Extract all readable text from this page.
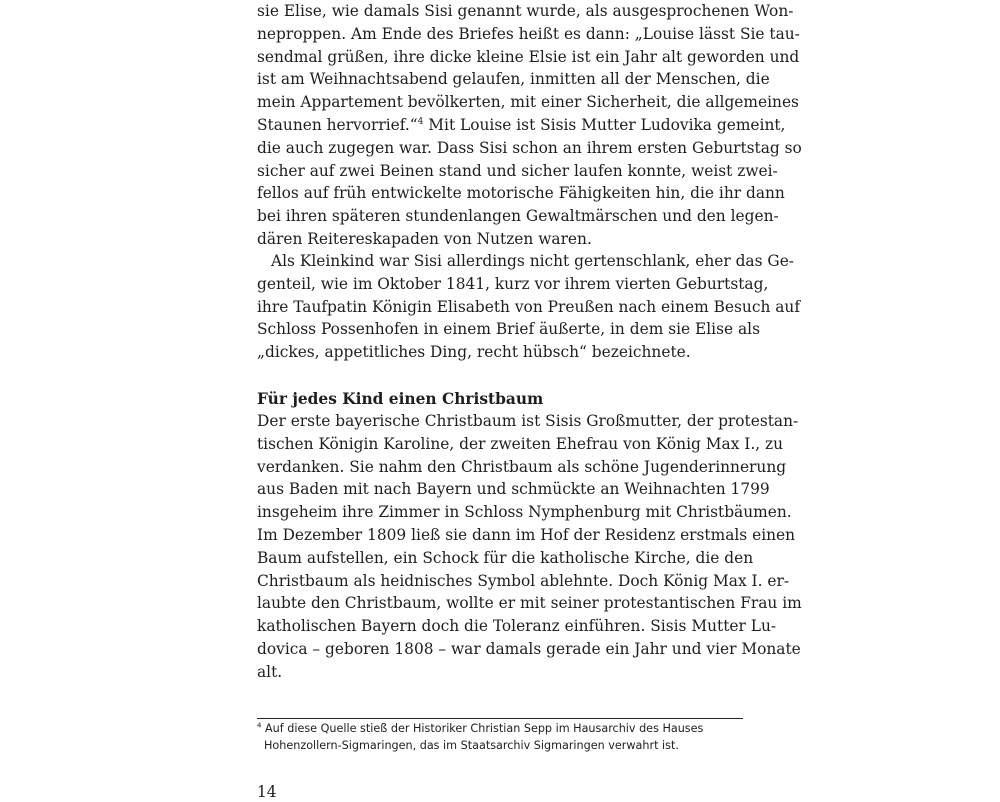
sie Elise, wie damals Sisi genannt wurde, als ausgesprochenen Won-
neproppen. Am Ende des Briefes heißt es dann: „Louise lässt Sie tau-
sendmal grüßen, ihre dicke kleine Elsie ist ein Jahr alt geworden und
ist am Weihnachtsabend gelaufen, inmitten all der Menschen, die
mein Appartement bevölkerten, mit einer Sicherheit, die allgemeines
Staunen hervorrief.“$^4$ Mit Louise ist Sisis Mutter Ludovika gemeint,
die auch zugegen war. Dass Sisi schon an ihrem ersten Geburtstag so
sicher auf zwei Beinen stand und sicher laufen konnte, weist zwei-
fellos auf früh entwickelte motorische Fähigkeiten hin, die ihr dann
bei ihren späteren stundenlangen Gewaltmärschen und den legen-
dären Reitereskapaden von Nutzen waren.
Als Kleinkind war Sisi allerdings nicht gertenschlank, eher das Ge-
genteil, wie im Oktober 1841, kurz vor ihrem vierten Geburtstag,
ihre Taufpatin Königin Elisabeth von Preußen nach einem Besuch auf
Schloss Possenhofen in einem Brief äußerte, in dem sie Elise als
„dickes, appetitliches Ding, recht hübsch“ bezeichnete.
Für jedes Kind einen Christbaum
Der erste bayerische Christbaum ist Sisis Großmutter, der protestan-
tischen Königin Karoline, der zweiten Ehefrau von König Max I., zu
verdanken. Sie nahm den Christbaum als schöne Jugenderinnerung
aus Baden mit nach Bayern und schmückte an Weihnachten 1799
insgeheim ihre Zimmer in Schloss Nymphenburg mit Christbäumen.
Im Dezember 1809 ließ sie dann im Hof der Residenz erstmals einen
Baum aufstellen, ein Schock für die katholische Kirche, die den
Christbaum als heidnisches Symbol ablehnte. Doch König Max I. er-
laubte den Christbaum, wollte er mit seiner protestantischen Frau im
katholischen Bayern doch die Toleranz einführen. Sisis Mutter Lu-
dovica – geboren 1808 – war damals gerade ein Jahr und vier Monate
alt.
$^4$ Auf diese Quelle stieß der Historiker Christian Sepp im Hausarchiv des Hauses
Hohenzollern-Sigmaringen, das im Staatsarchiv Sigmaringen verwahrt ist.
14
